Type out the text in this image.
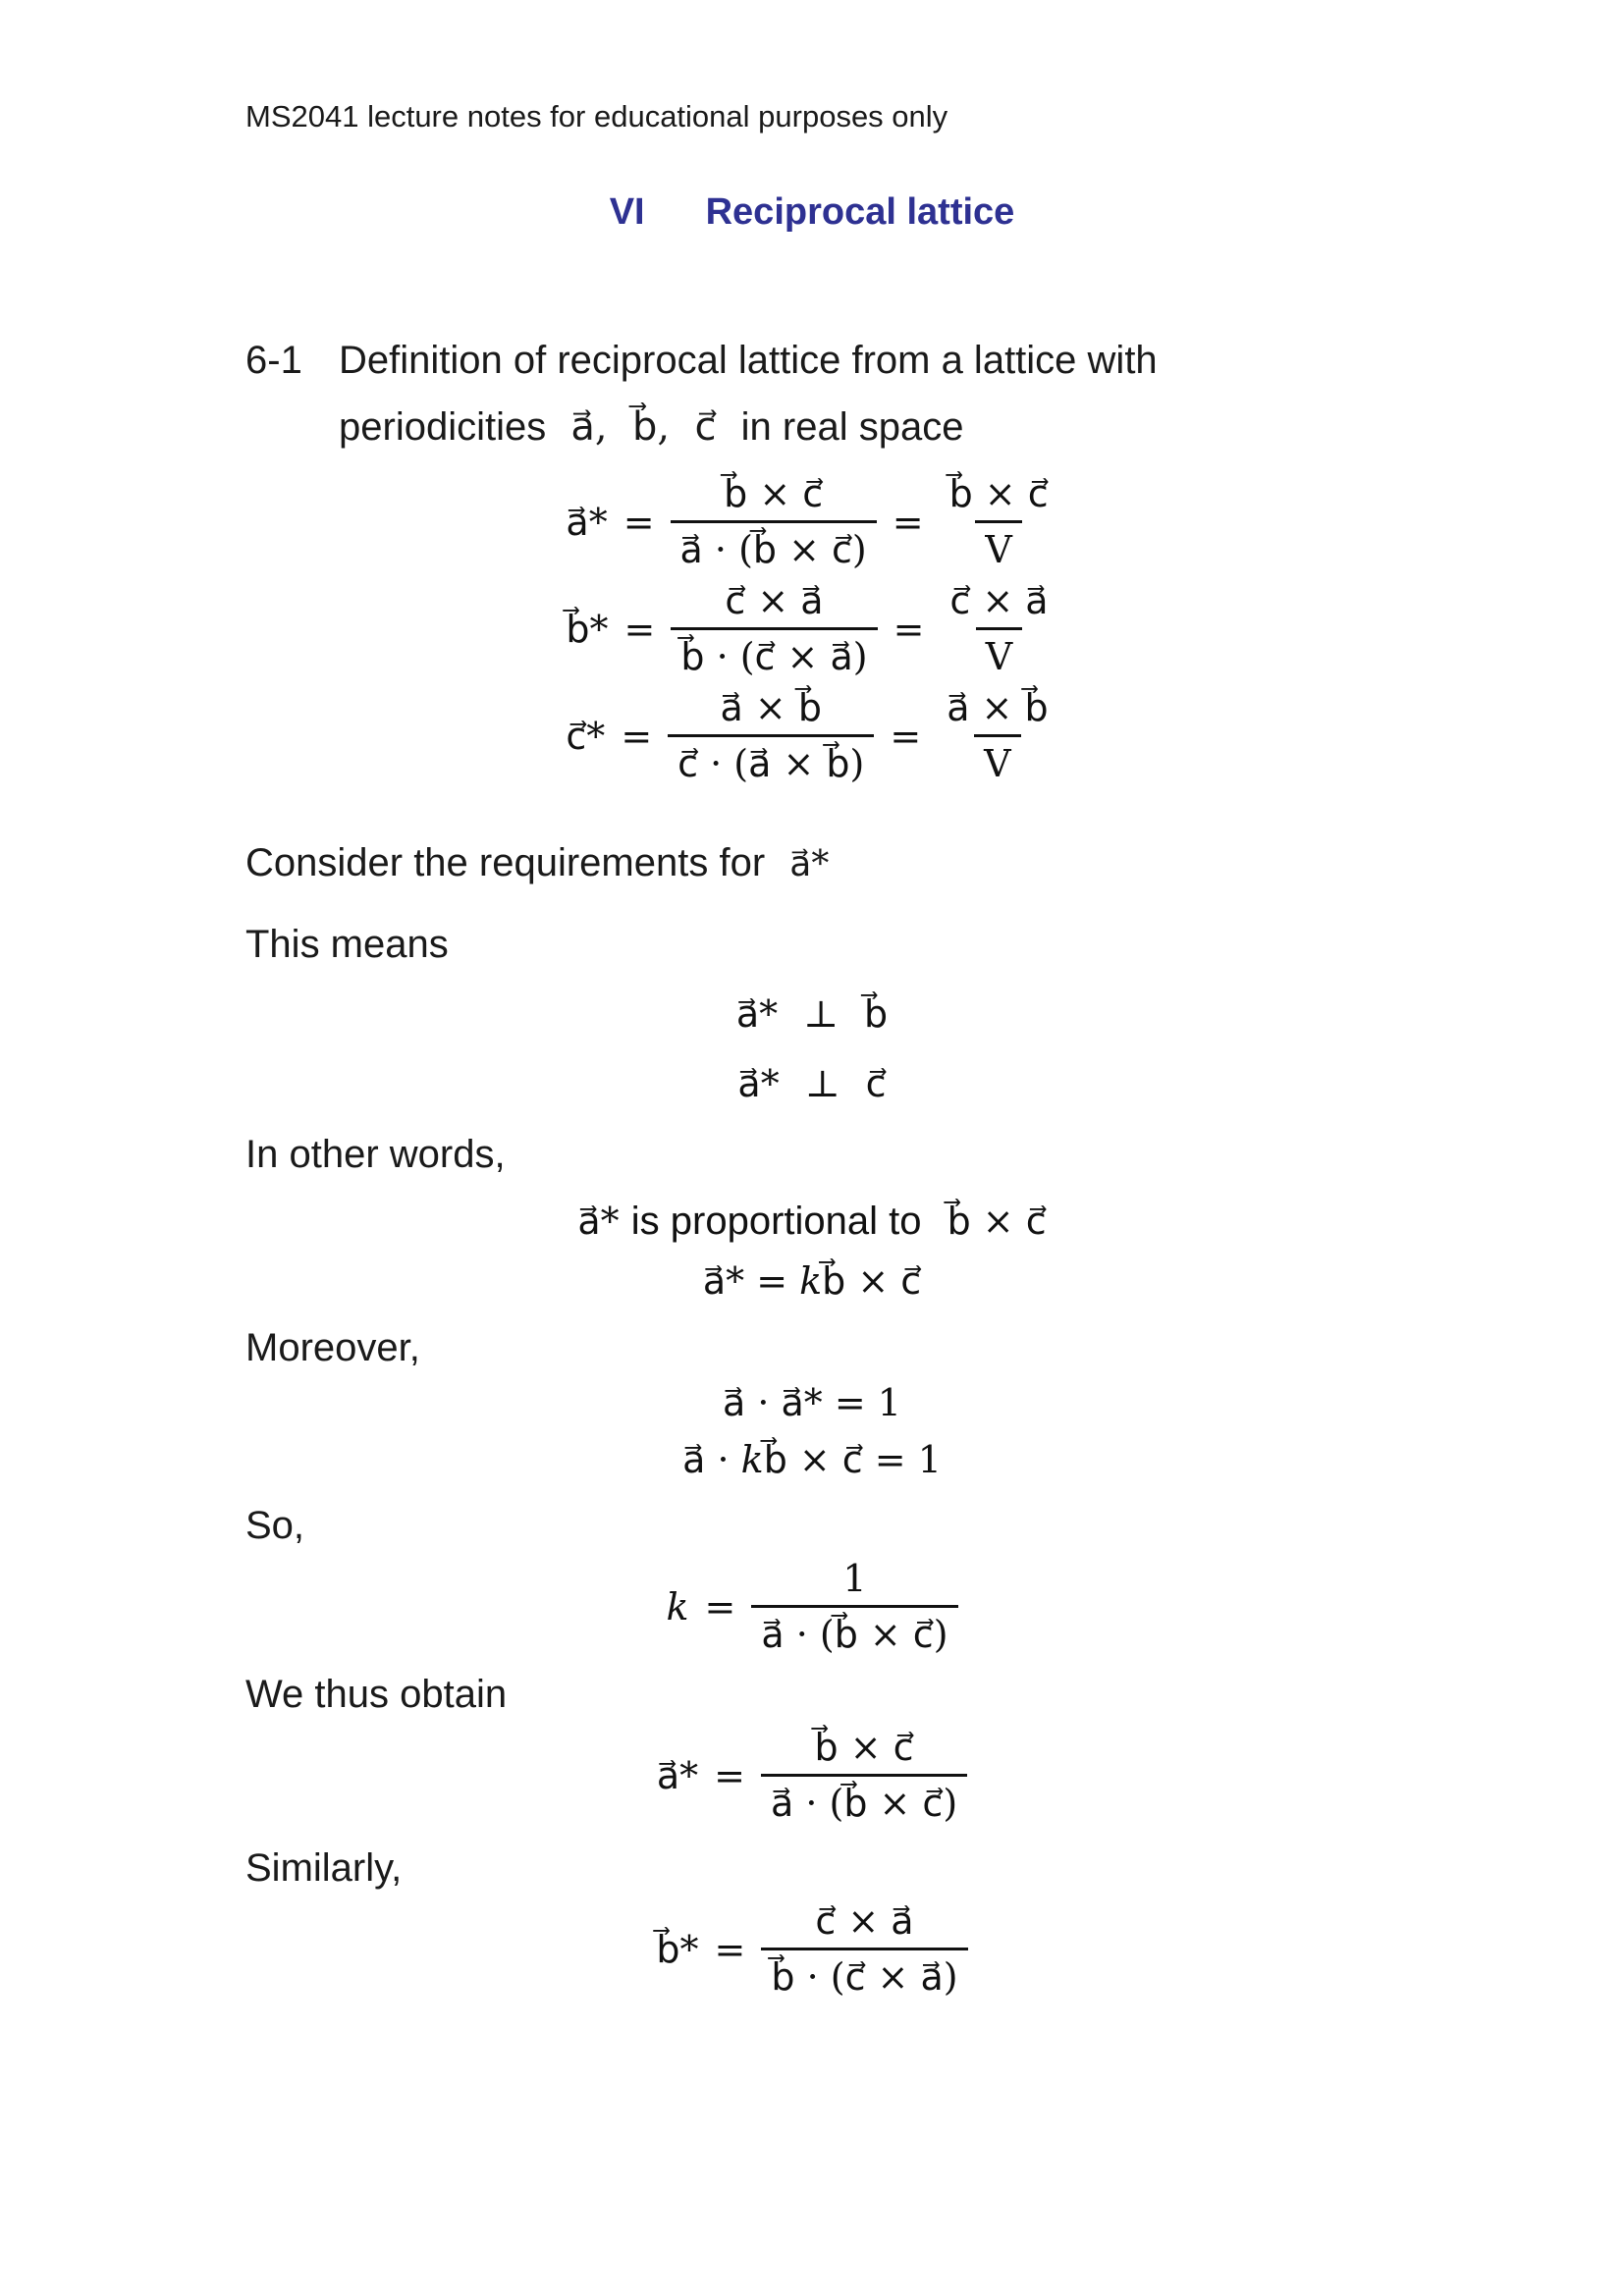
MS2041 lecture notes for educational purposes only
VI Reciprocal lattice
6-1 Definition of reciprocal lattice from a lattice with
periodicities a⃗,  b⃗,  c⃗ in real space
a⃗* = $\frac{b⃗ \times c⃗}{a⃗ \cdot (b⃗ \times c⃗)} = \frac{b⃗ \times c⃗}{V}$
b⃗* = $\frac{c⃗ \times a⃗}{b⃗ \cdot (c⃗ \times a⃗)} = \frac{c⃗ \times a⃗}{V}$
c⃗* = $\frac{a⃗ \times b⃗}{c⃗ \cdot (a⃗ \times b⃗)} = \frac{a⃗ \times b⃗}{V}$
Consider the requirements for a⃗*
This means
a⃗* ⊥ b⃗
a⃗* ⊥ c⃗
In other words,
a⃗* is proportional to b⃗ × c⃗
a⃗* = kb⃗ × c⃗
Moreover,
a⃗ · a⃗* = 1
a⃗ · kb⃗ × c⃗ = 1
So,
$k = \frac{1}{a⃗ \cdot (b⃗ \times c⃗)}$
We thus obtain
a⃗* = $\frac{b⃗ \times c⃗}{a⃗ \cdot (b⃗ \times c⃗)}$
Similarly,
b⃗* = $\frac{c⃗ \times a⃗}{b⃗ \cdot (c⃗ \times a⃗)}$
